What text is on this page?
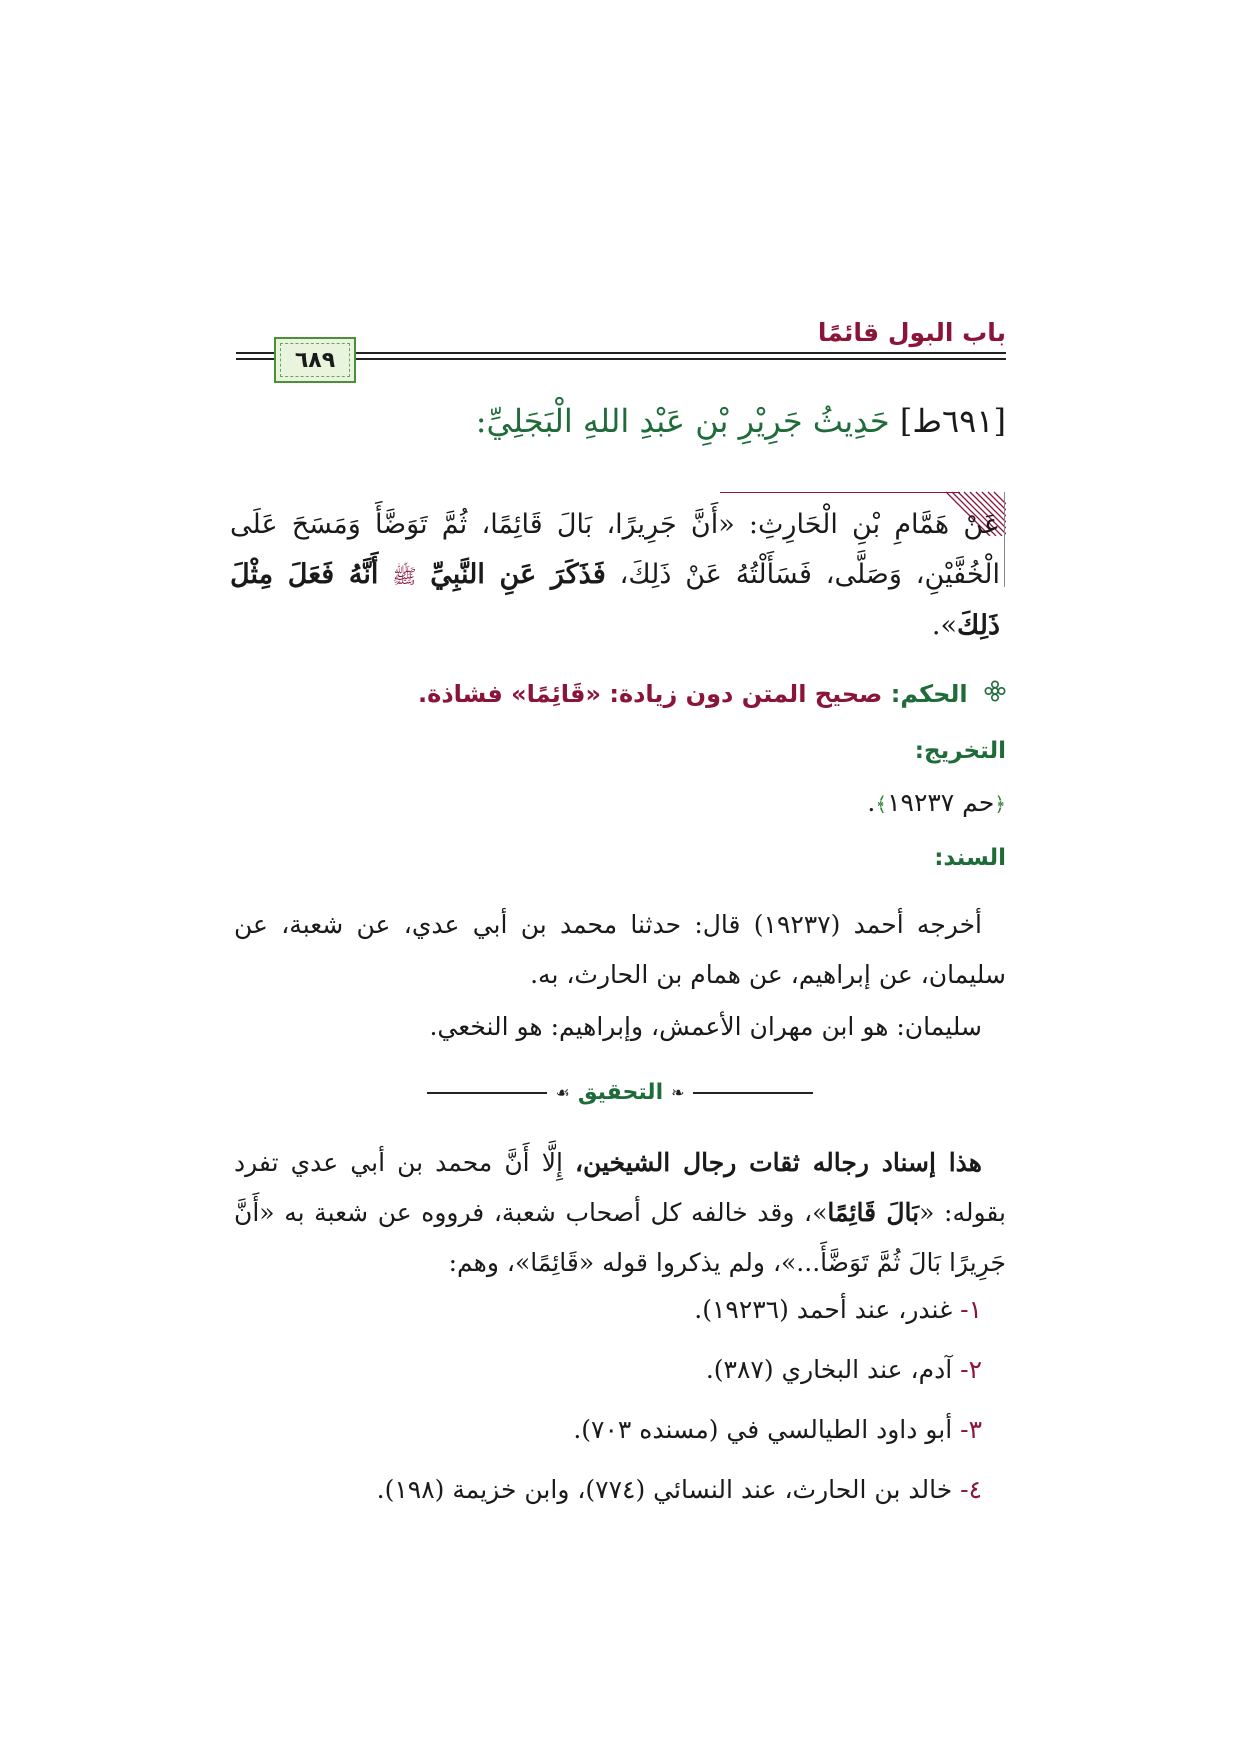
باب البول قائمًا
٦٨٩
[٦٩١ط] حَدِيثُ جَرِيْرِ بْنِ عَبْدِ اللهِ الْبَجَلِيِّ:
عَنْ هَمَّامِ بْنِ الْحَارِثِ: «أَنَّ جَرِيرًا، بَالَ قَائِمًا، ثُمَّ تَوَضَّأَ وَمَسَحَ عَلَى الْخُفَّيْنِ، وَصَلَّى، فَسَأَلْتُهُ عَنْ ذَلِكَ، فَذَكَرَ عَنِ النَّبِيِّ ﷺ أَنَّهُ فَعَلَ مِثْلَ ذَلِكَ».
الحكم: صحيح المتن دون زيادة: «قَائِمًا» فشاذة.
التخريج:
﴿حم ١٩٢٣٧﴾.
السند:
أخرجه أحمد (١٩٢٣٧) قال: حدثنا محمد بن أبي عدي، عن شعبة، عن سليمان، عن إبراهيم، عن همام بن الحارث، به.
سليمان: هو ابن مهران الأعمش، وإبراهيم: هو النخعي.
❧
التحقيق
☙
هذا إسناد رجاله ثقات رجال الشيخين، إِلَّا أَنَّ محمد بن أبي عدي تفرد بقوله: «بَالَ قَائِمًا»، وقد خالفه كل أصحاب شعبة، فرووه عن شعبة به «أَنَّ جَرِيرًا بَالَ ثُمَّ تَوَضَّأَ...»، ولم يذكروا قوله «قَائِمًا»، وهم:
١- غندر، عند أحمد (١٩٢٣٦).
٢- آدم، عند البخاري (٣٨٧).
٣- أبو داود الطيالسي في (مسنده ٧٠٣).
٤- خالد بن الحارث، عند النسائي (٧٧٤)، وابن خزيمة (١٩٨).
